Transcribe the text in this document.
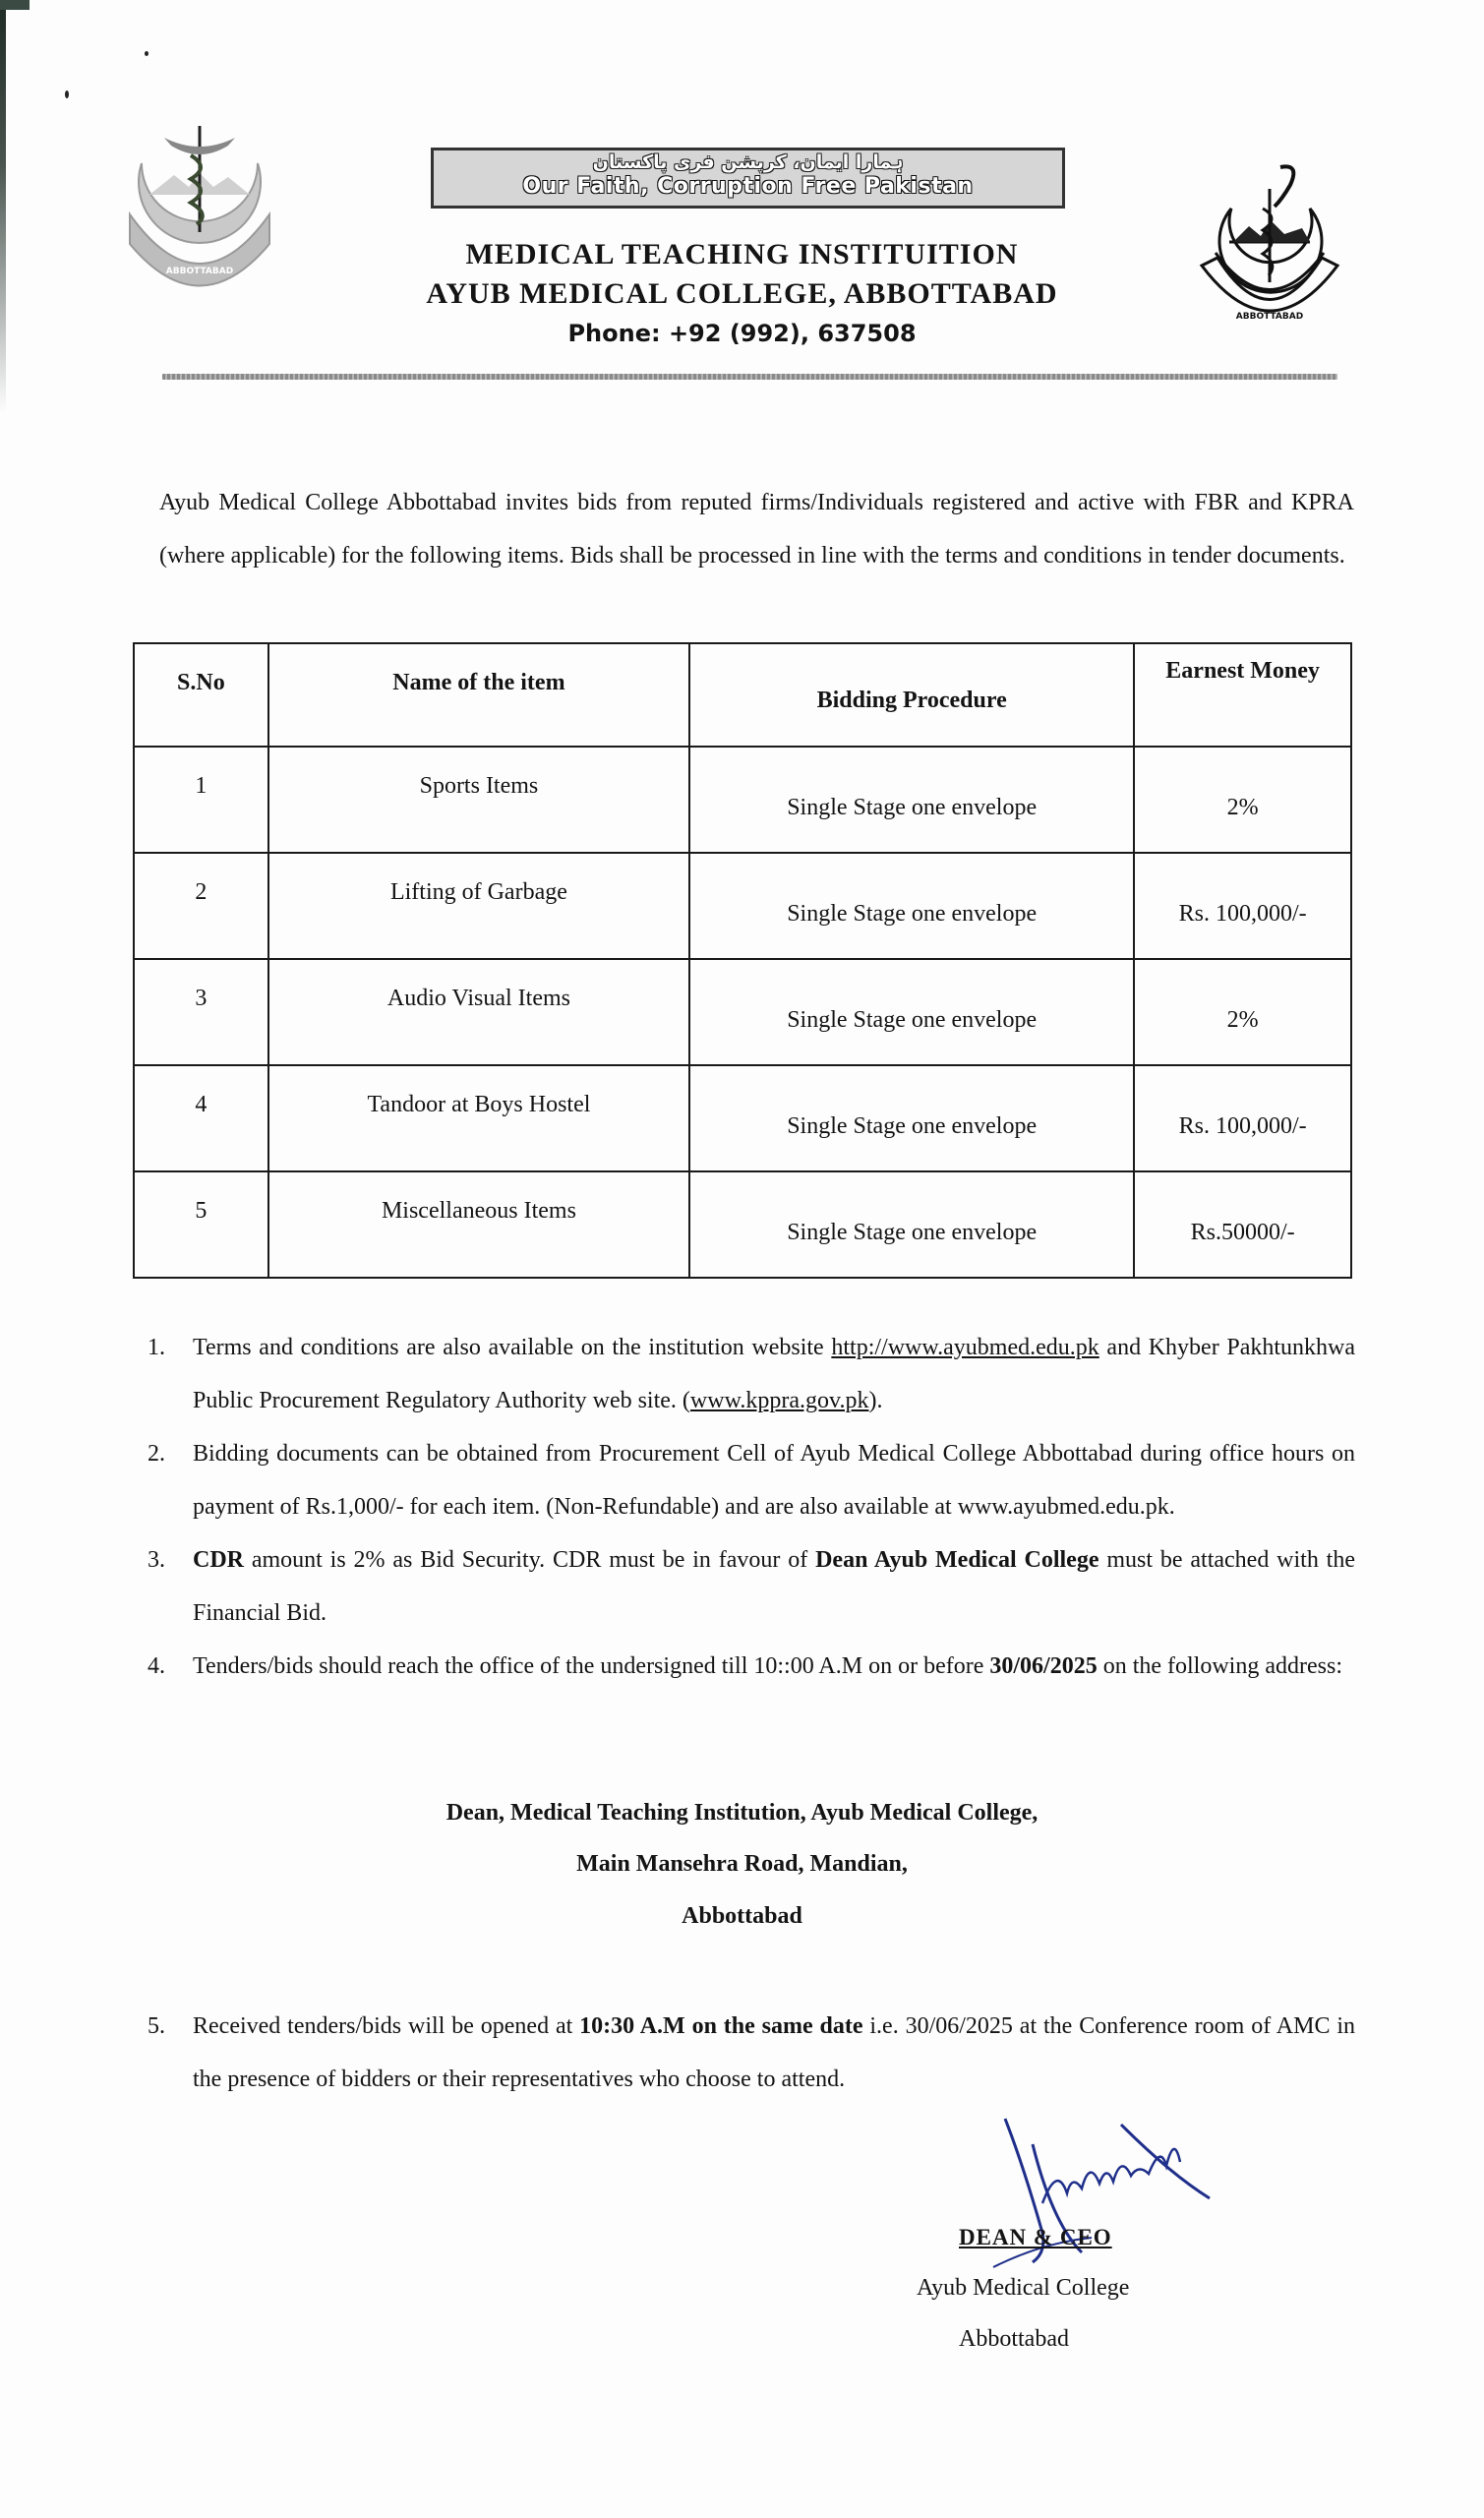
ABBOTTABAD
ہمارا ایمان، کرپشن فری پاکستان
Our Faith, Corruption Free Pakistan
ABBOTTABAD
MEDICAL TEACHING INSTITUITION
AYUB MEDICAL COLLEGE, ABBOTTABAD
Phone: +92 (992), 637508
Ayub Medical College Abbottabad invites bids from reputed firms/Individuals registered and active with FBR and KPRA (where applicable) for the following items. Bids shall be processed in line with the terms and conditions in tender documents.
S.No	Name of the item	Bidding Procedure	Earnest Money

1	Sports Items	Single Stage one envelope	2%

2	Lifting of Garbage	Single Stage one envelope	Rs. 100,000/-

3	Audio Visual Items	Single Stage one envelope	2%

4	Tandoor at Boys Hostel	Single Stage one envelope	Rs. 100,000/-

5	Miscellaneous Items	Single Stage one envelope	Rs.50000/-
1. Terms and conditions are also available on the institution website http://www.ayubmed.edu.pk and Khyber Pakhtunkhwa Public Procurement Regulatory Authority web site. (www.kppra.gov.pk).
2. Bidding documents can be obtained from Procurement Cell of Ayub Medical College Abbottabad during office hours on payment of Rs.1,000/- for each item. (Non-Refundable) and are also available at www.ayubmed.edu.pk.
3. CDR amount is 2% as Bid Security. CDR must be in favour of Dean Ayub Medical College must be attached with the Financial Bid.
4. Tenders/bids should reach the office of the undersigned till 10::00 A.M on or before 30/06/2025 on the following address:
Dean, Medical Teaching Institution, Ayub Medical College,
Main Mansehra Road, Mandian,
Abbottabad
5. Received tenders/bids will be opened at 10:30 A.M on the same date i.e. 30/06/2025 at the Conference room of AMC in the presence of bidders or their representatives who choose to attend.
DEAN & CEO
Ayub Medical College
Abbottabad
